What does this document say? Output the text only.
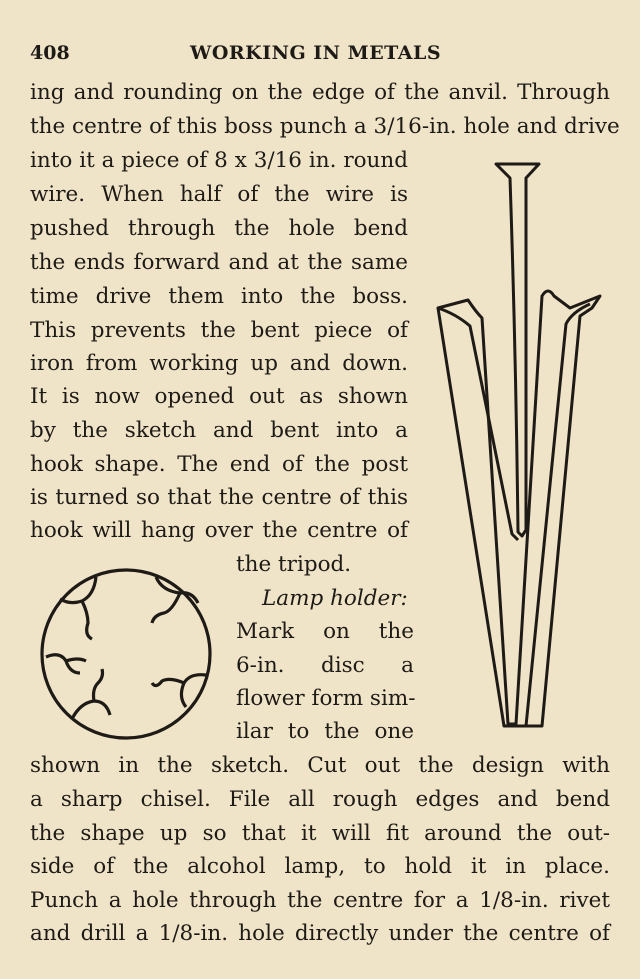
408	WORKING IN METALS
ing and rounding on the edge of the anvil. Through
the centre of this boss punch a 3/16-in. hole and drive
into it a piece of 8 x 3/16 in. round
wire. When half of the wire is
pushed through the hole bend
the ends forward and at the same
time drive them into the boss.
This prevents the bent piece of
iron from working up and down.
It is now opened out as shown
by the sketch and bent into a
hook shape. The end of the post
is turned so that the centre of this
hook will hang over the centre of
the tripod.
Lamp holder:
Mark on the
6-in. disc a
flower form sim-
ilar to the one
shown in the sketch. Cut out the design with
a sharp chisel. File all rough edges and bend
the shape up so that it will fit around the out-
side of the alcohol lamp, to hold it in place.
Punch a hole through the centre for a 1/8-in. rivet
and drill a 1/8-in. hole directly under the centre of
